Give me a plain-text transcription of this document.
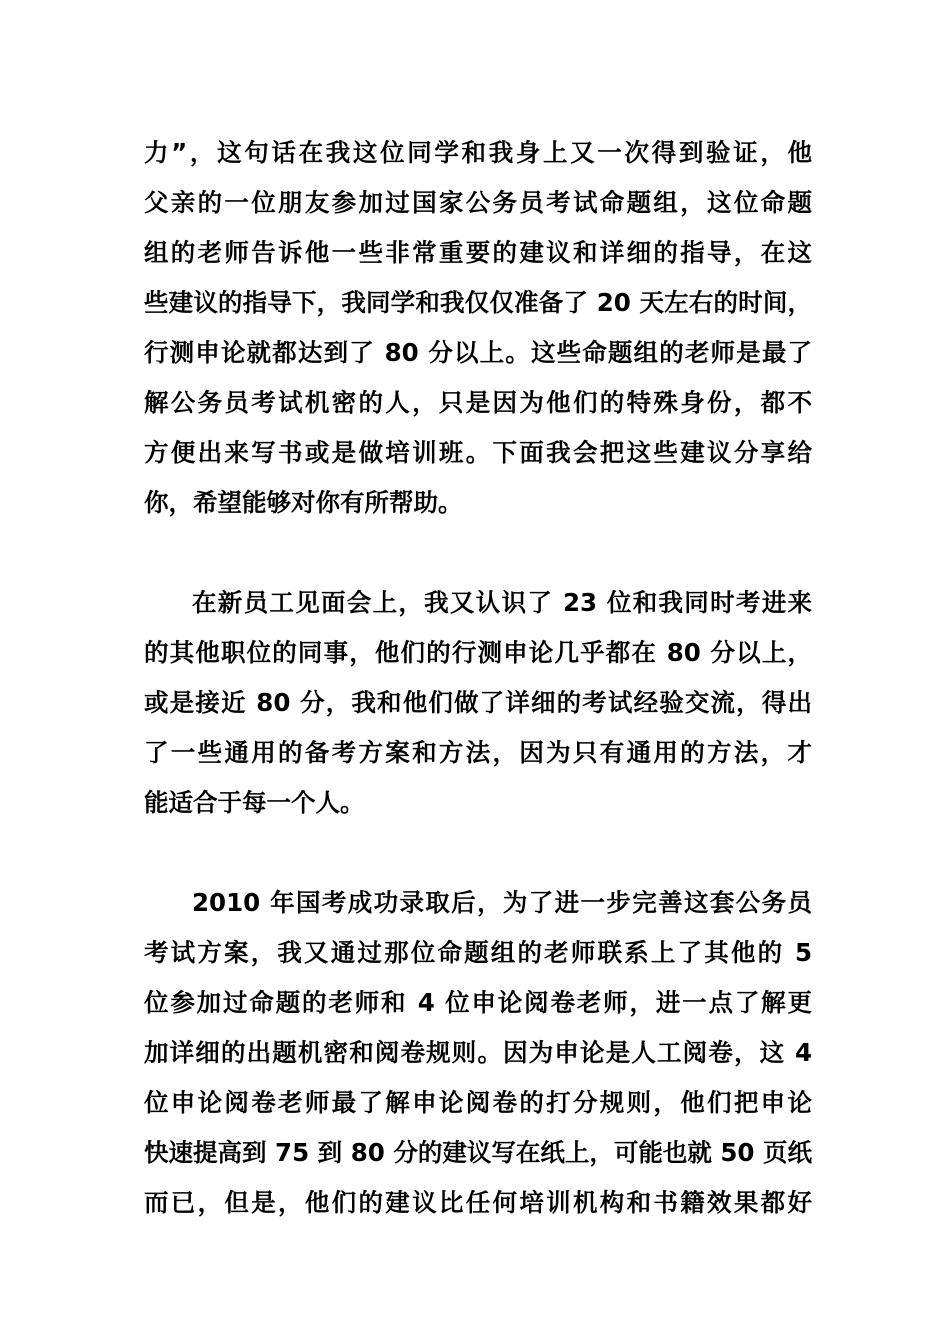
力”，这句话在我这位同学和我身上又一次得到验证，他
父亲的一位朋友参加过国家公务员考试命题组，这位命题
组的老师告诉他一些非常重要的建议和详细的指导，在这
些建议的指导下，我同学和我仅仅准备了 20 天左右的时间，
行测申论就都达到了 80 分以上。这些命题组的老师是最了
解公务员考试机密的人，只是因为他们的特殊身份，都不
方便出来写书或是做培训班。下面我会把这些建议分享给
你，希望能够对你有所帮助。
在新员工见面会上，我又认识了 23 位和我同时考进来
的其他职位的同事，他们的行测申论几乎都在 80 分以上，
或是接近 80 分，我和他们做了详细的考试经验交流，得出
了一些通用的备考方案和方法，因为只有通用的方法，才
能适合于每一个人。
2010 年国考成功录取后，为了进一步完善这套公务员
考试方案，我又通过那位命题组的老师联系上了其他的 5
位参加过命题的老师和 4 位申论阅卷老师，进一点了解更
加详细的出题机密和阅卷规则。因为申论是人工阅卷，这 4
位申论阅卷老师最了解申论阅卷的打分规则，他们把申论
快速提高到 75 到 80 分的建议写在纸上，可能也就 50 页纸
而已，但是，他们的建议比任何培训机构和书籍效果都好
